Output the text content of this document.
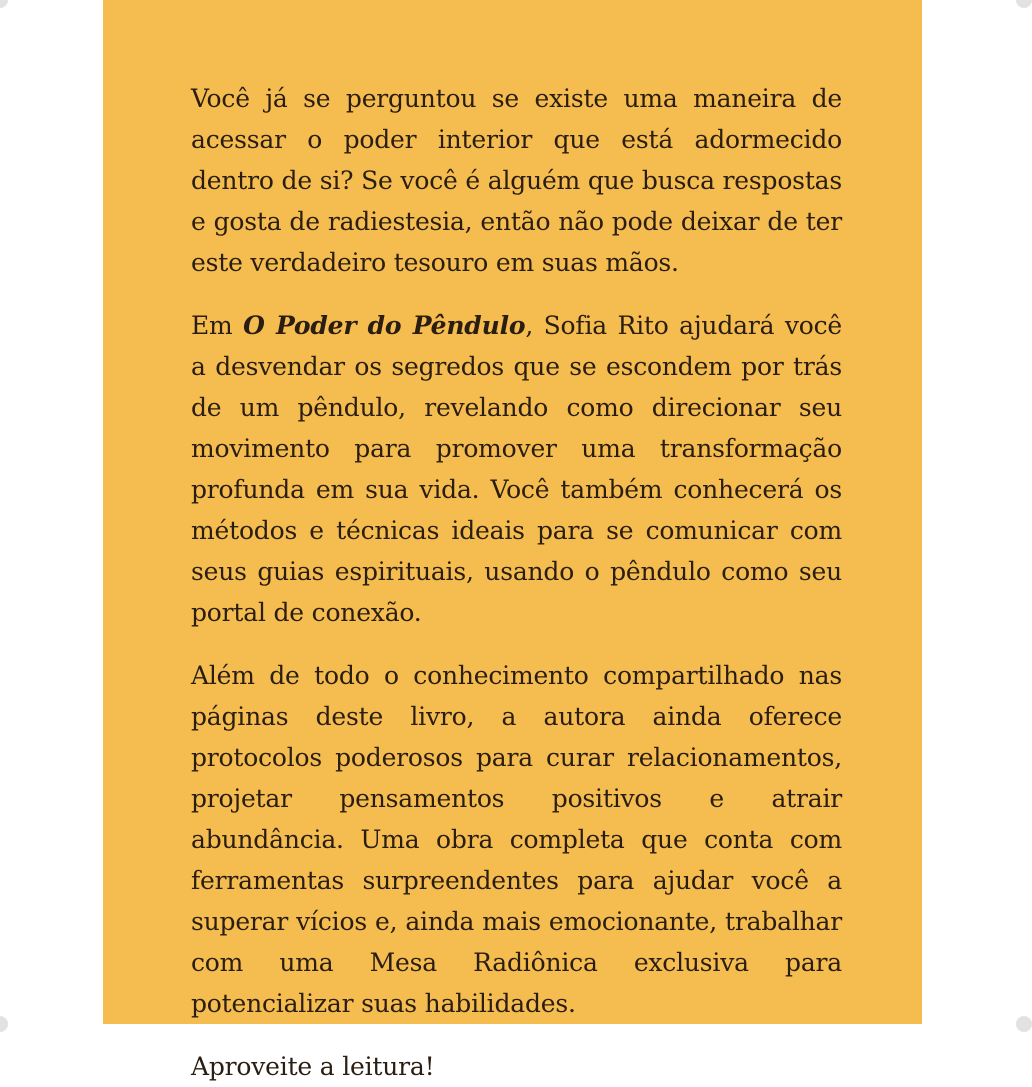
Você já se perguntou se existe uma maneira de acessar o poder interior que está adormecido dentro de si? Se você é alguém que busca respostas e gosta de radiestesia, então não pode deixar de ter este verdadeiro tesouro em suas mãos.

Em O Poder do Pêndulo, Sofia Rito ajudará você a desvendar os segredos que se escondem por trás de um pêndulo, revelando como direcionar seu movimento para promover uma transformação profunda em sua vida. Você também conhecerá os métodos e técnicas ideais para se comunicar com seus guias espirituais, usando o pêndulo como seu portal de conexão.

Além de todo o conhecimento compartilhado nas páginas deste livro, a autora ainda oferece protocolos poderosos para curar relacionamentos, projetar pensamentos positivos e atrair abundância. Uma obra completa que conta com ferramentas surpreendentes para ajudar você a superar vícios e, ainda mais emocionante, trabalhar com uma Mesa Radiônica exclusiva para potencializar suas habilidades.

Aproveite a leitura!
